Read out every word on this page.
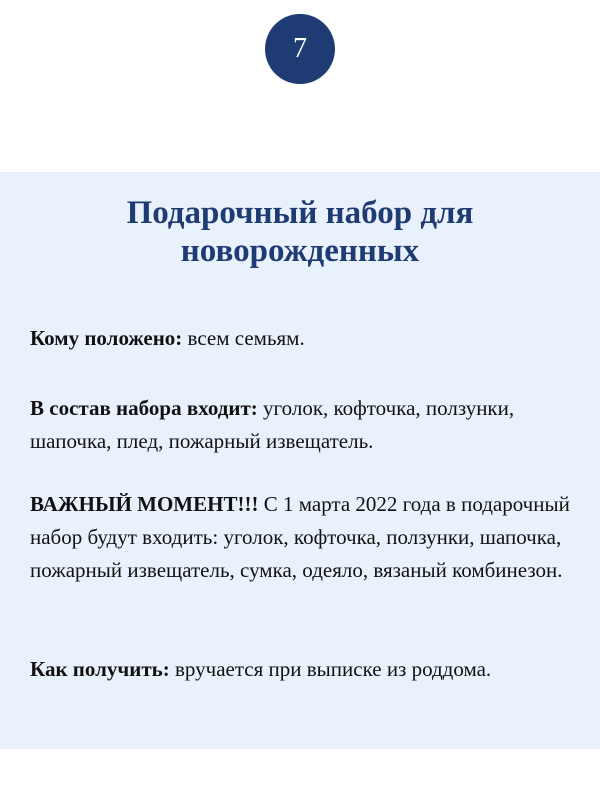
7
Подарочный набор для
новорожденных

Кому положено: всем семьям.

В состав набора входит: уголок, кофточка, ползунки, шапочка, плед, пожарный извещатель.

ВАЖНЫЙ МОМЕНТ!!! С 1 марта 2022 года в подарочный набор будут входить: уголок, кофточка, ползунки, шапочка, пожарный извещатель, сумка, одеяло, вязаный комбинезон.

Как получить: вручается при выписке из роддома.
